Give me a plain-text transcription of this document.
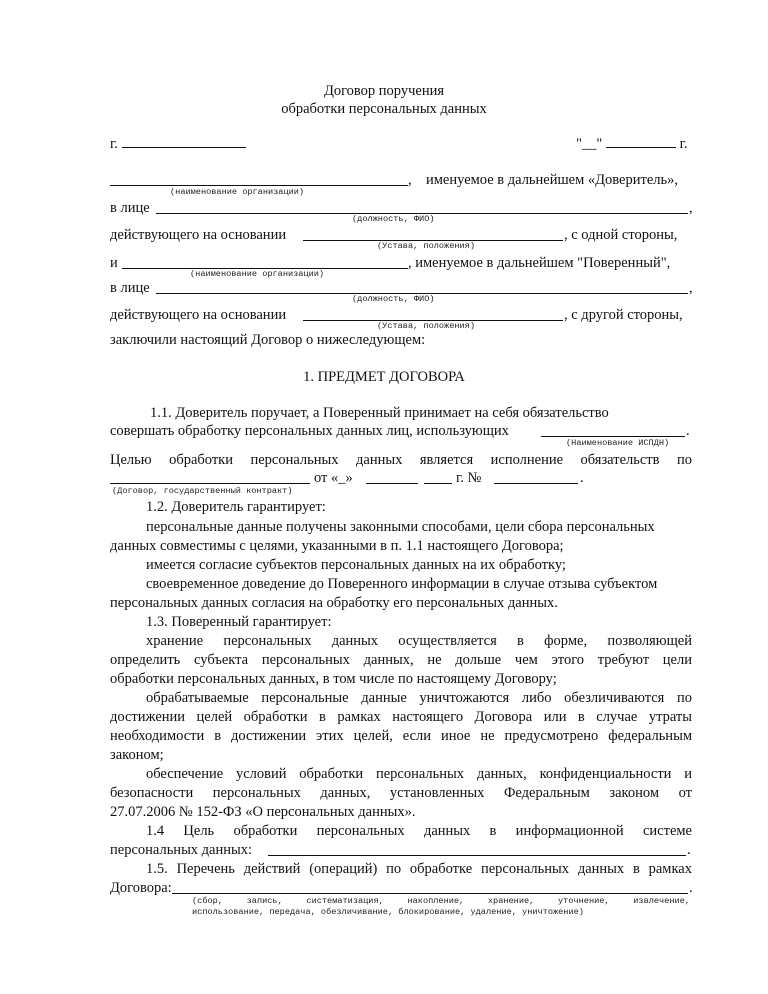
Договор поручения
обработки персональных данных
г.	"__"	г.
, именуемое в дальнейшем «Доверитель»,
(наименование организации)
в лице	,
(должность, ФИО)
действующего на основании	, с одной стороны,
(Устава, положения)
и	, именуемое в дальнейшем "Поверенный",
(наименование организации)
в лице	,
(должность, ФИО)
действующего на основании	, с другой стороны,
(Устава, положения)
заключили настоящий Договор о нижеследующем:
1. ПРЕДМЕТ ДОГОВОРА
1.1. Доверитель поручает, а Поверенный принимает на себя обязательство
совершать обработку персональных данных лиц, использующих	.
(Наименование ИСПДН)
Целью обработки персональных данных является исполнение обязательств по
от «_»	г. №	.
(Договор, государственный контракт)
1.2. Доверитель гарантирует:
персональные данные получены законными способами, цели сбора персональных
данных совместимы с целями, указанными в п. 1.1 настоящего Договора;
имеется согласие субъектов персональных данных на их обработку;
своевременное доведение до Поверенного информации в случае отзыва субъектом
персональных данных согласия на обработку его персональных данных.
1.3. Поверенный гарантирует:
хранение персональных данных осуществляется в форме, позволяющей
определить субъекта персональных данных, не дольше чем этого требуют цели
обработки персональных данных, в том числе по настоящему Договору;
обрабатываемые персональные данные уничтожаются либо обезличиваются по
достижении целей обработки в рамках настоящего Договора или в случае утраты
необходимости в достижении этих целей, если иное не предусмотрено федеральным
законом;
обеспечение условий обработки персональных данных, конфиденциальности и
безопасности персональных данных, установленных Федеральным законом от
27.07.2006 № 152-ФЗ «О персональных данных».
1.4 Цель обработки персональных данных в информационной системе
персональных данных:	.
1.5. Перечень действий (операций) по обработке персональных данных в рамках
Договора:	.
(сбор, запись, систематизация, накопление, хранение, уточнение, извлечение,
использование, передача, обезличивание, блокирование, удаление, уничтожение)
